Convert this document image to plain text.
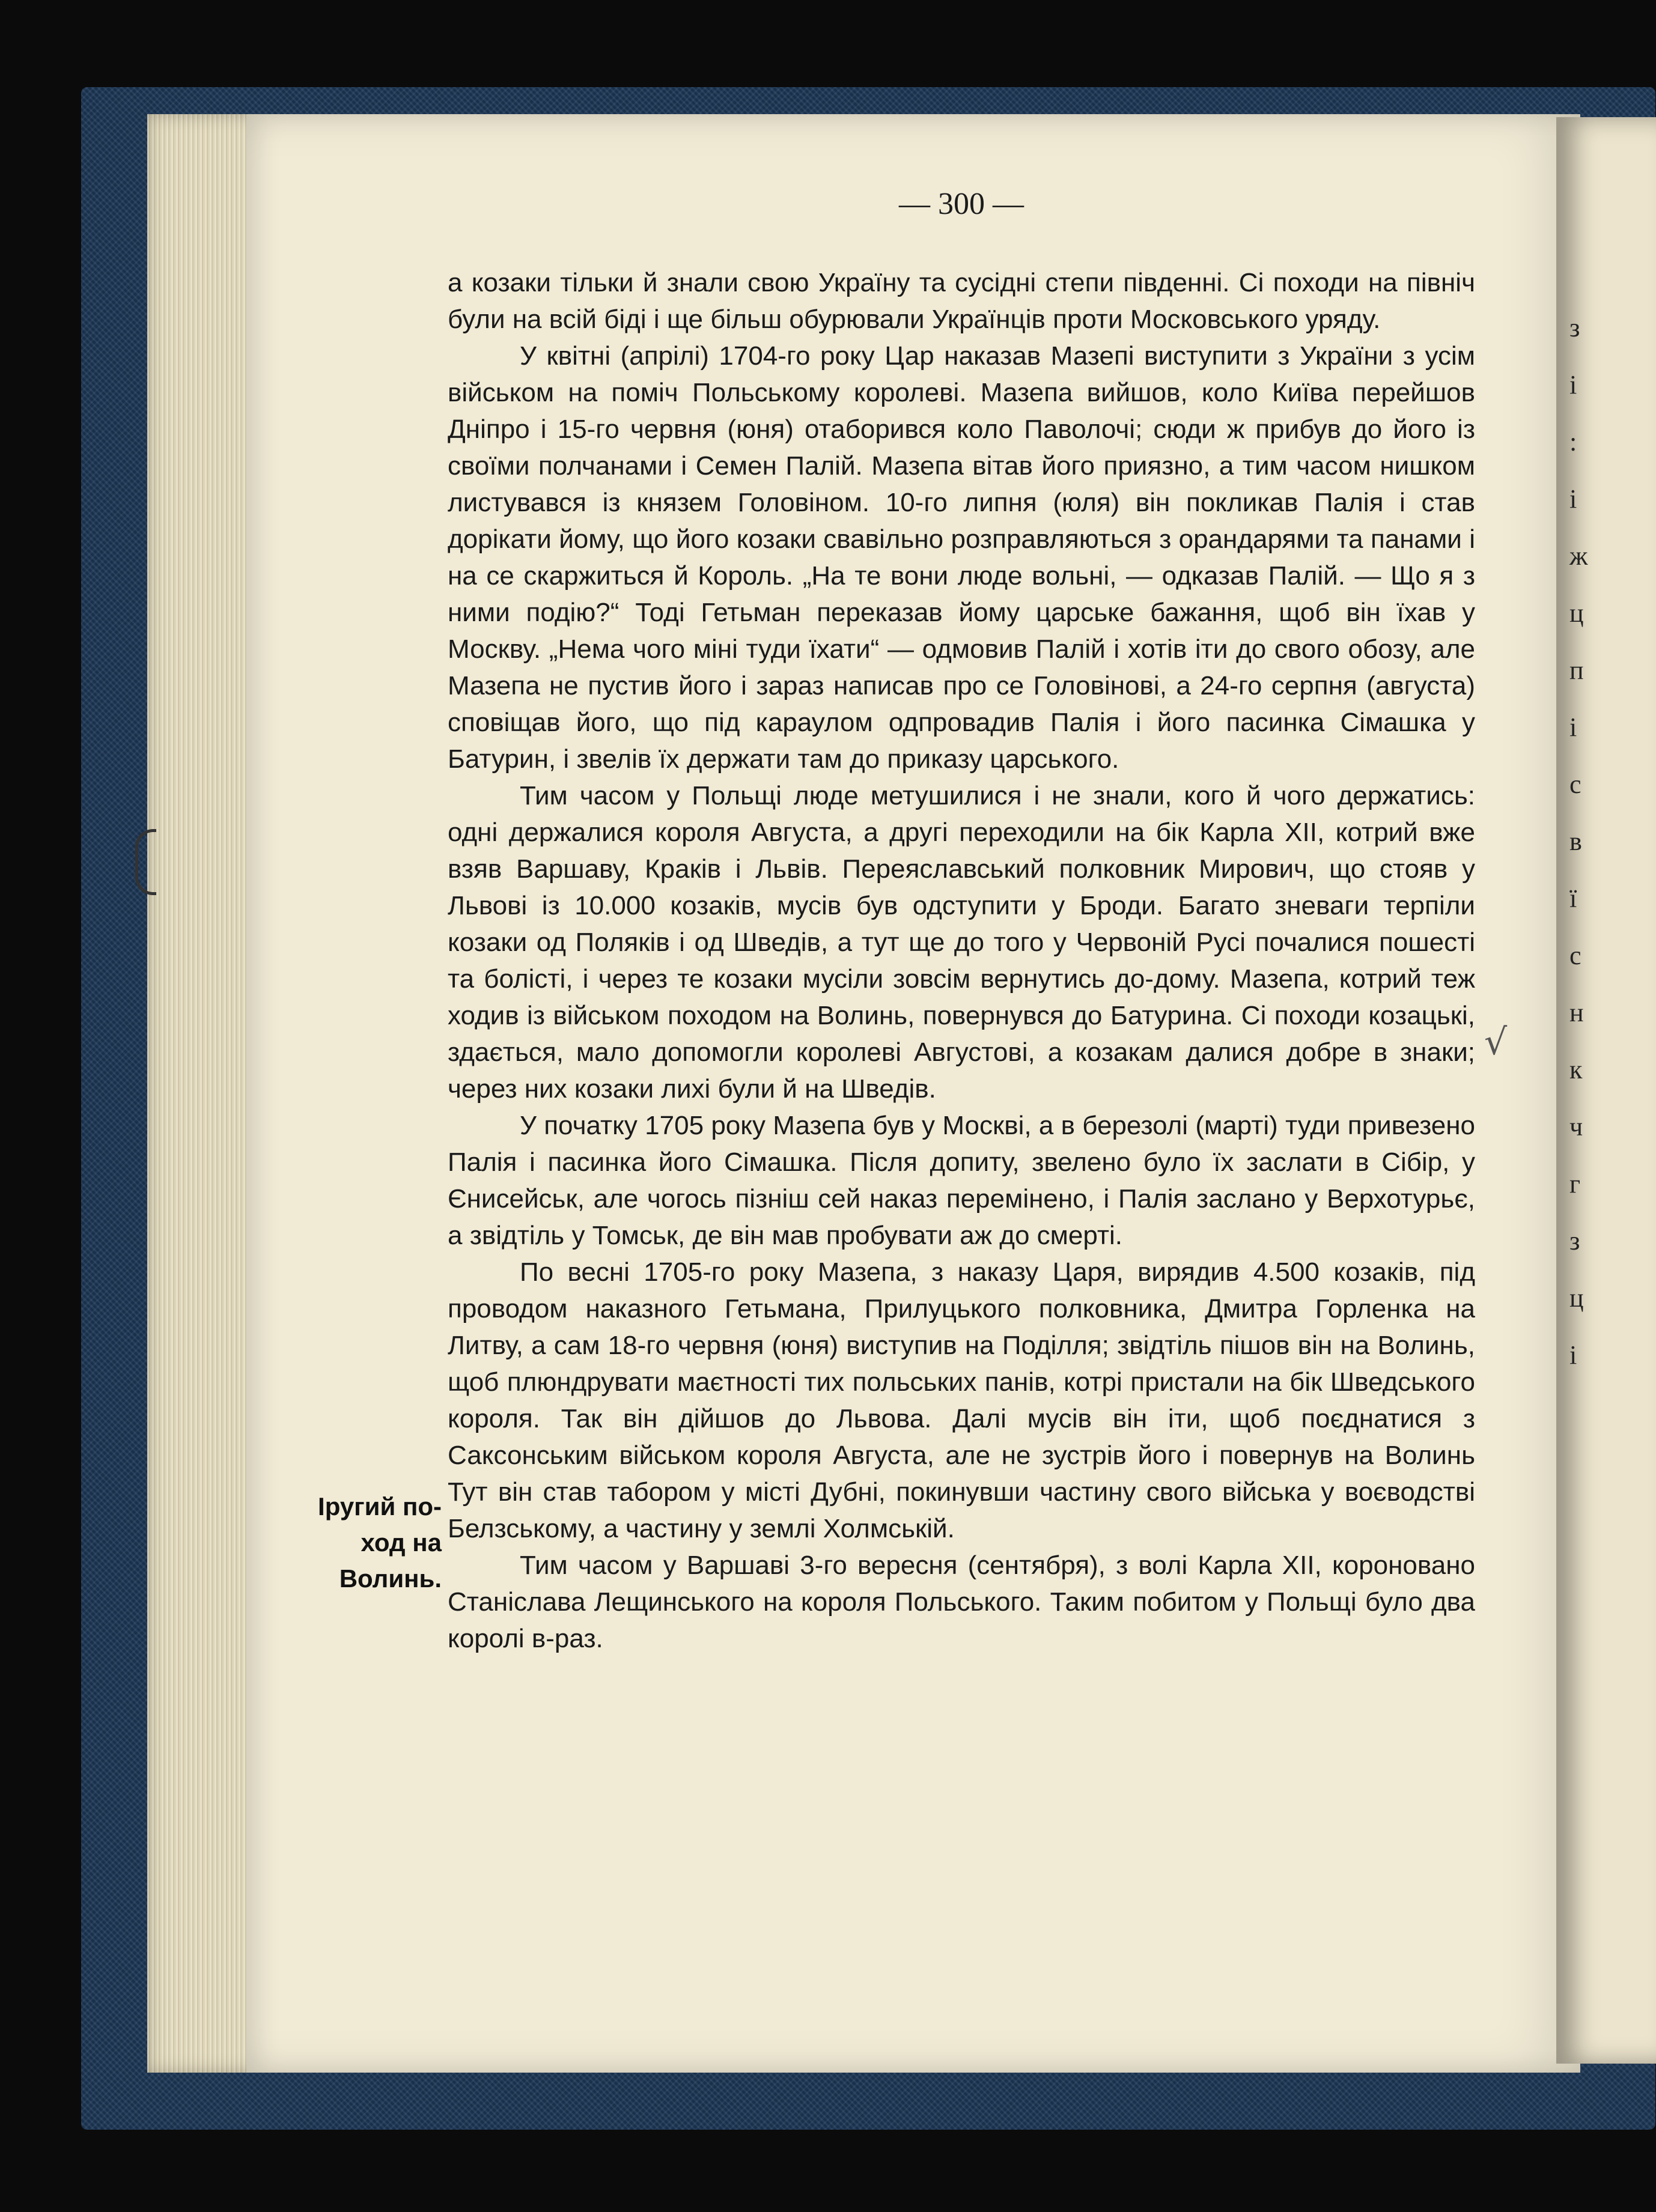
з
і
:
і
ж
ц
п
і
с
в
ї
с
н
к
ч
г
з
ц
і
— 300 —

а козаки тільки й знали свою Україну та сусідні степи південні. Сі походи на північ були на всій біді і ще більш обурювали Українців проти Московського уряду.

У квітні (апрілі) 1704-го року Цар наказав Мазепі виступити з України з усім військом на поміч Польському королеві. Мазепа вийшов, коло Київа перейшов Дніпро і 15-го червня (юня) отаборився коло Паволочі; сюди ж прибув до його із своїми полчанами і Семен Палій. Мазепа вітав його приязно, а тим часом нишком листувався із князем Головіном. 10-го липня (юля) він покликав Палія і став дорікати йому, що його козаки свавільно розправляються з орандарями та панами і на се скаржиться й Король. „На те вони люде вольні, — одказав Палій. — Що я з ними подію?“ Тоді Гетьман переказав йому царське бажання, щоб він їхав у Москву. „Нема чого міні туди їхати“ — одмовив Палій і хотів іти до свого обозу, але Мазепа не пустив його і зараз написав про се Головінові, а 24-го серпня (августа) сповіщав його, що під караулом одпровадив Палія і його пасинка Сімашка у Батурин, і звелів їх держати там до приказу царського.

Тим часом у Польщі люде метушилися і не знали, кого й чого держатись: одні держалися короля Августа, а другі переходили на бік Карла XII, котрий вже взяв Варшаву, Краків і Львів. Переяславський полковник Мирович, що стояв у Львові із 10.000 козаків, мусів був одступити у Броди. Багато зневаги терпіли козаки од Поляків і од Шведів, а тут ще до того у Червоній Русі почалися пошесті та болісті, і через те козаки мусіли зовсім вернутись до-дому. Мазепа, котрий теж ходив із військом походом на Волинь, повернувся до Батурина. Сі походи козацькі, здається, мало допомогли королеві Августові, а козакам далися добре в знаки; через них козаки лихі були й на Шведів.

У початку 1705 року Мазепа був у Москві, а в березолі (марті) туди привезено Палія і пасинка його Сімашка. Після допиту, звелено було їх заслати в Сібір, у Єнисейськ, але чогось пізніш сей наказ перемінено, і Палія заслано у Верхотурьє, а звідтіль у Томськ, де він мав пробувати аж до смерті.

По весні 1705-го року Мазепа, з наказу Царя, вирядив 4.500 козаків, під проводом наказного Гетьмана, Прилуцького полковника, Дмитра Горленка на Литву, а сам 18-го червня (юня) виступив на Поділля; звідтіль пішов він на Волинь, щоб плюндрувати маєтності тих польських панів, котрі пристали на бік Шведського короля. Так він дійшов до Львова. Далі мусів він іти, щоб поєднатися з Саксонським військом короля Августа, але не зустрів його і повернув на Волинь Тут він став табором у місті Дубні, покинувши частину свого війська у воєводстві Белзському, а частину у землі Холмській.

Тим часом у Варшаві 3-го вересня (сентября), з волі Карла XII, короновано Станіслава Лещинського на короля Польського. Таким побитом у Польщі було два королі в-раз.

Іругий по-
ход на
Волинь.
√
